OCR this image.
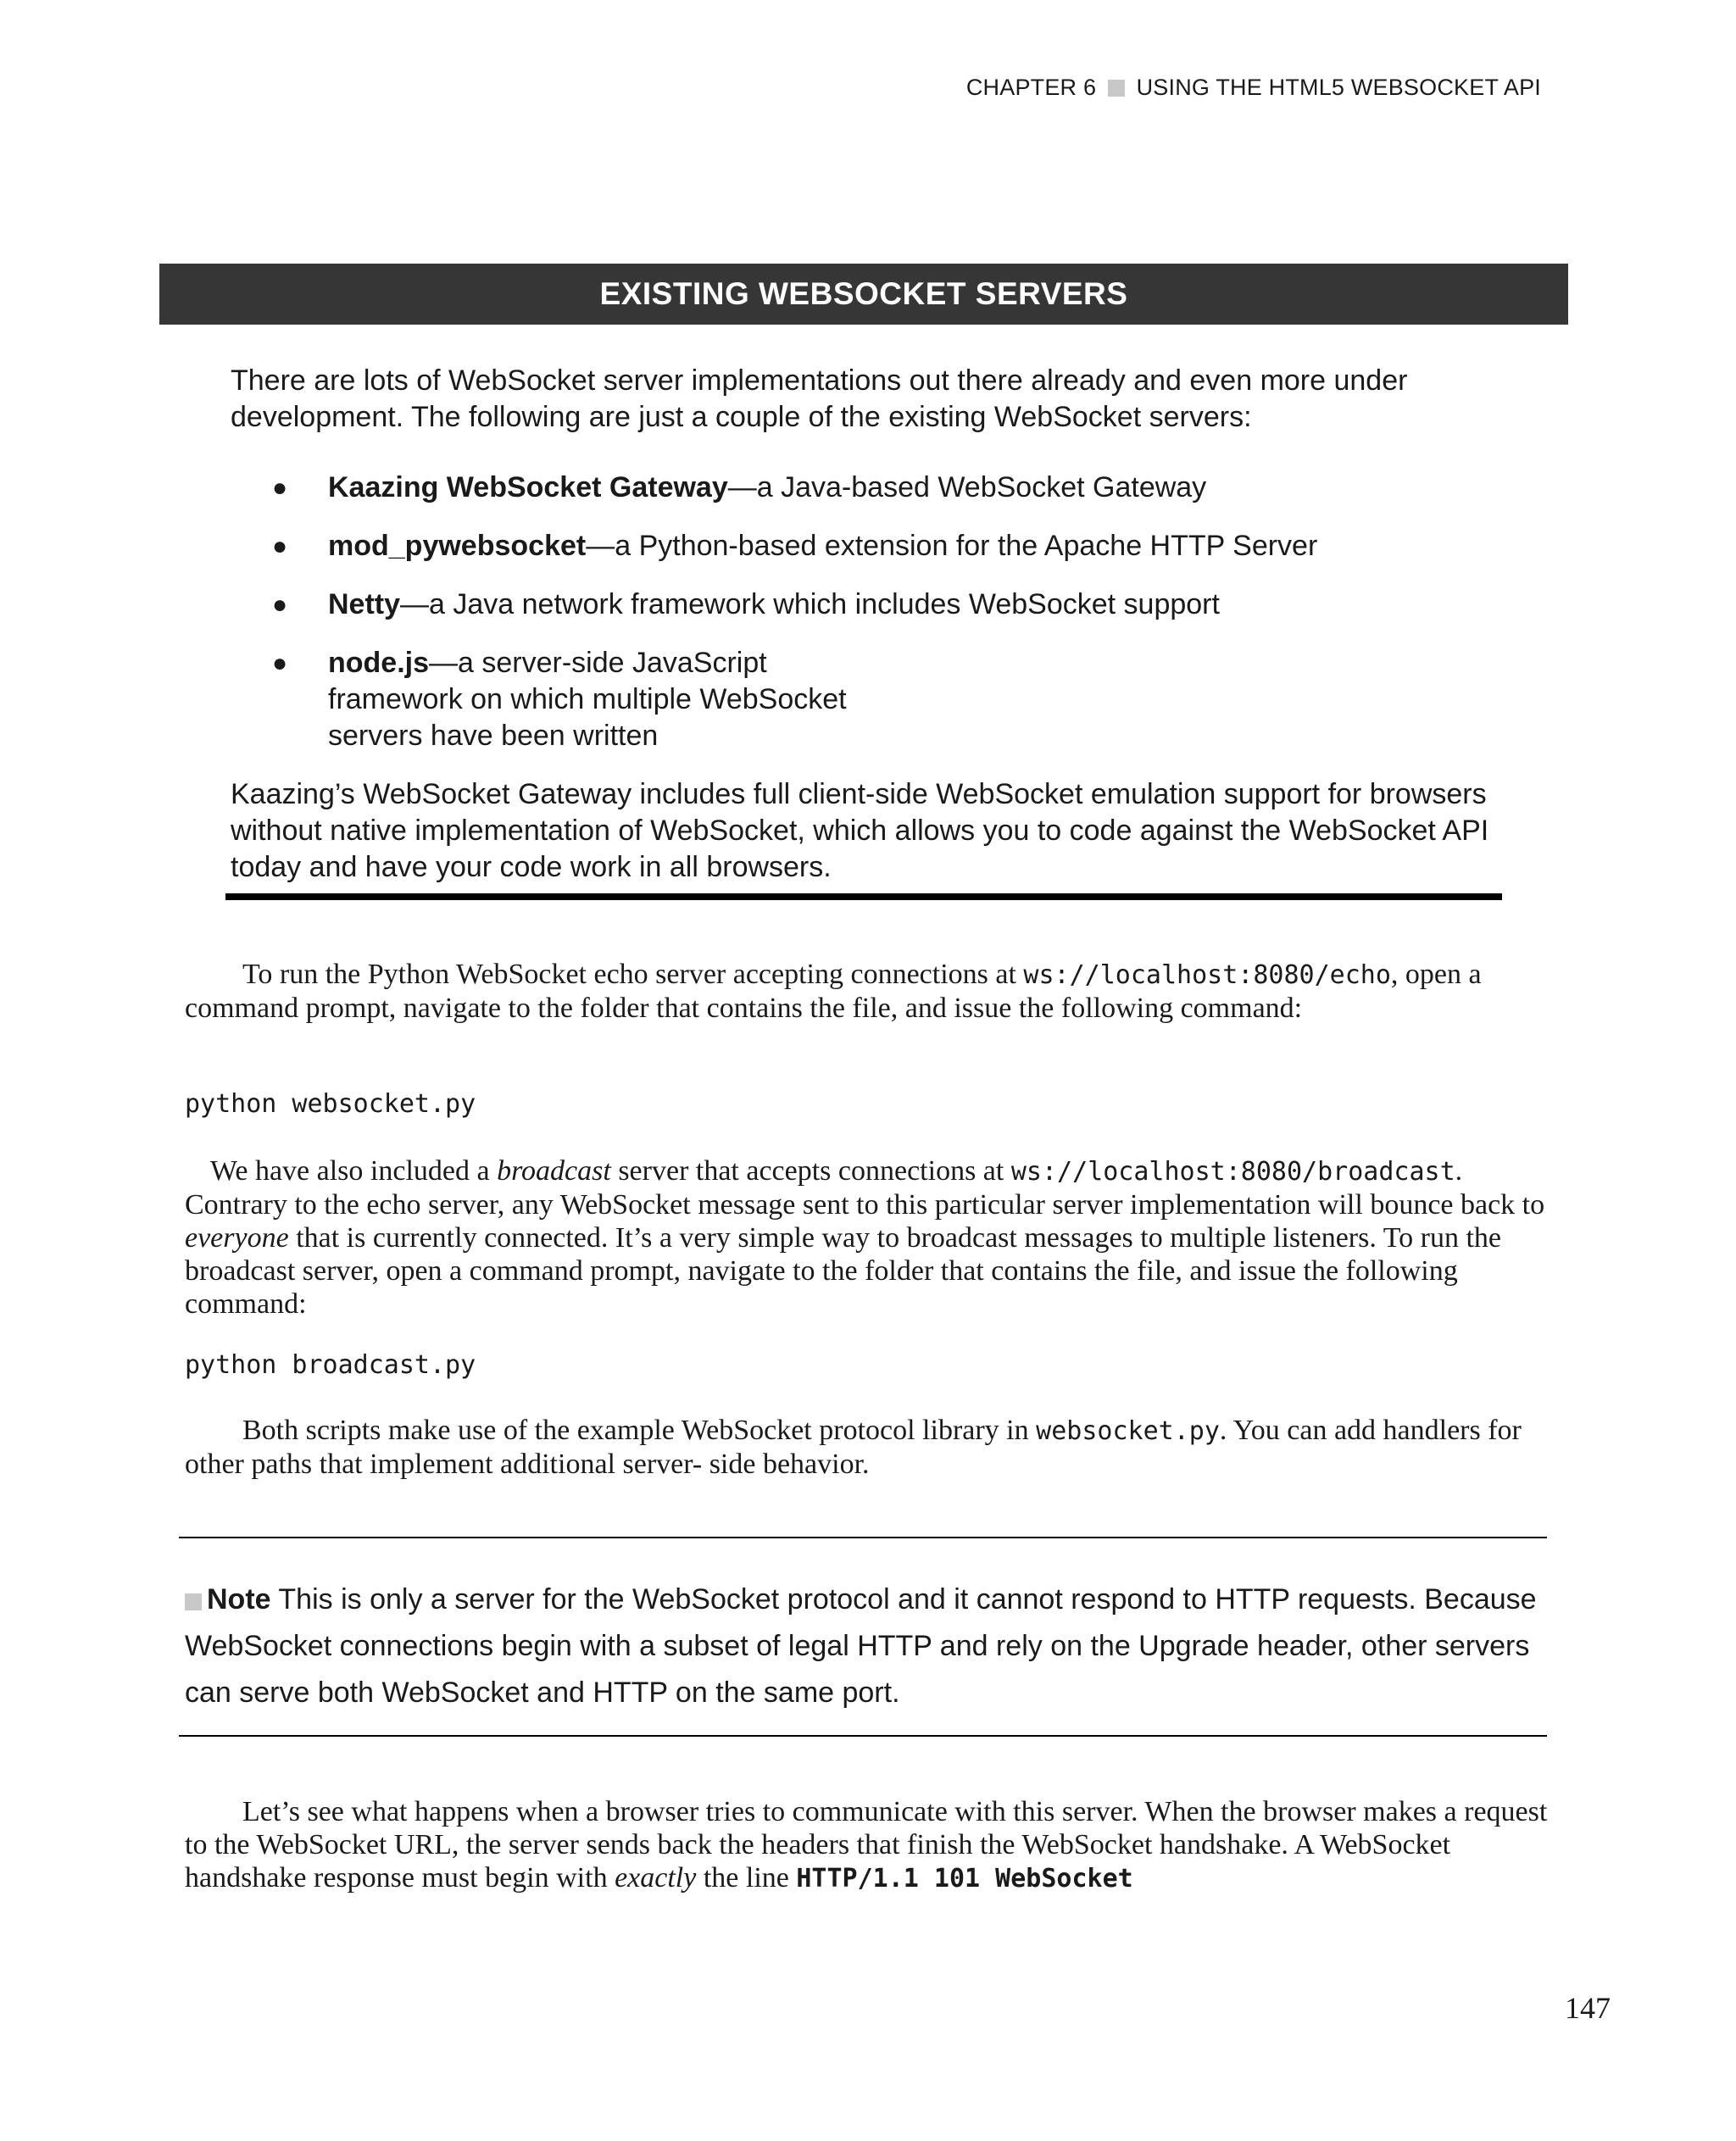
CHAPTER 6 USING THE HTML5 WEBSOCKET API
EXISTING WEBSOCKET SERVERS

There are lots of WebSocket server implementations out there already and even more under development. The following are just a couple of the existing WebSocket servers:

● Kaazing WebSocket Gateway—a Java-based WebSocket Gateway
● mod_pywebsocket—a Python-based extension for the Apache HTTP Server
● Netty—a Java network framework which includes WebSocket support
● node.js—a server-side JavaScript framework on which multiple WebSocket servers have been written

Kaazing’s WebSocket Gateway includes full client-side WebSocket emulation support for browsers without native implementation of WebSocket, which allows you to code against the WebSocket API today and have your code work in all browsers.

To run the Python WebSocket echo server accepting connections at ws://localhost:8080/echo, open a command prompt, navigate to the folder that contains the file, and issue the following command:

python websocket.py

We have also included a broadcast server that accepts connections at ws://localhost:8080/broadcast. Contrary to the echo server, any WebSocket message sent to this particular server implementation will bounce back to everyone that is currently connected. It’s a very simple way to broadcast messages to multiple listeners. To run the broadcast server, open a command prompt, navigate to the folder that contains the file, and issue the following command:

python broadcast.py

Both scripts make use of the example WebSocket protocol library in websocket.py. You can add handlers for other paths that implement additional server- side behavior.

Note This is only a server for the WebSocket protocol and it cannot respond to HTTP requests. Because WebSocket connections begin with a subset of legal HTTP and rely on the Upgrade header, other servers can serve both WebSocket and HTTP on the same port.

Let’s see what happens when a browser tries to communicate with this server. When the browser makes a request to the WebSocket URL, the server sends back the headers that finish the WebSocket handshake. A WebSocket handshake response must begin with exactly the line HTTP/1.1 101 WebSocket

147
